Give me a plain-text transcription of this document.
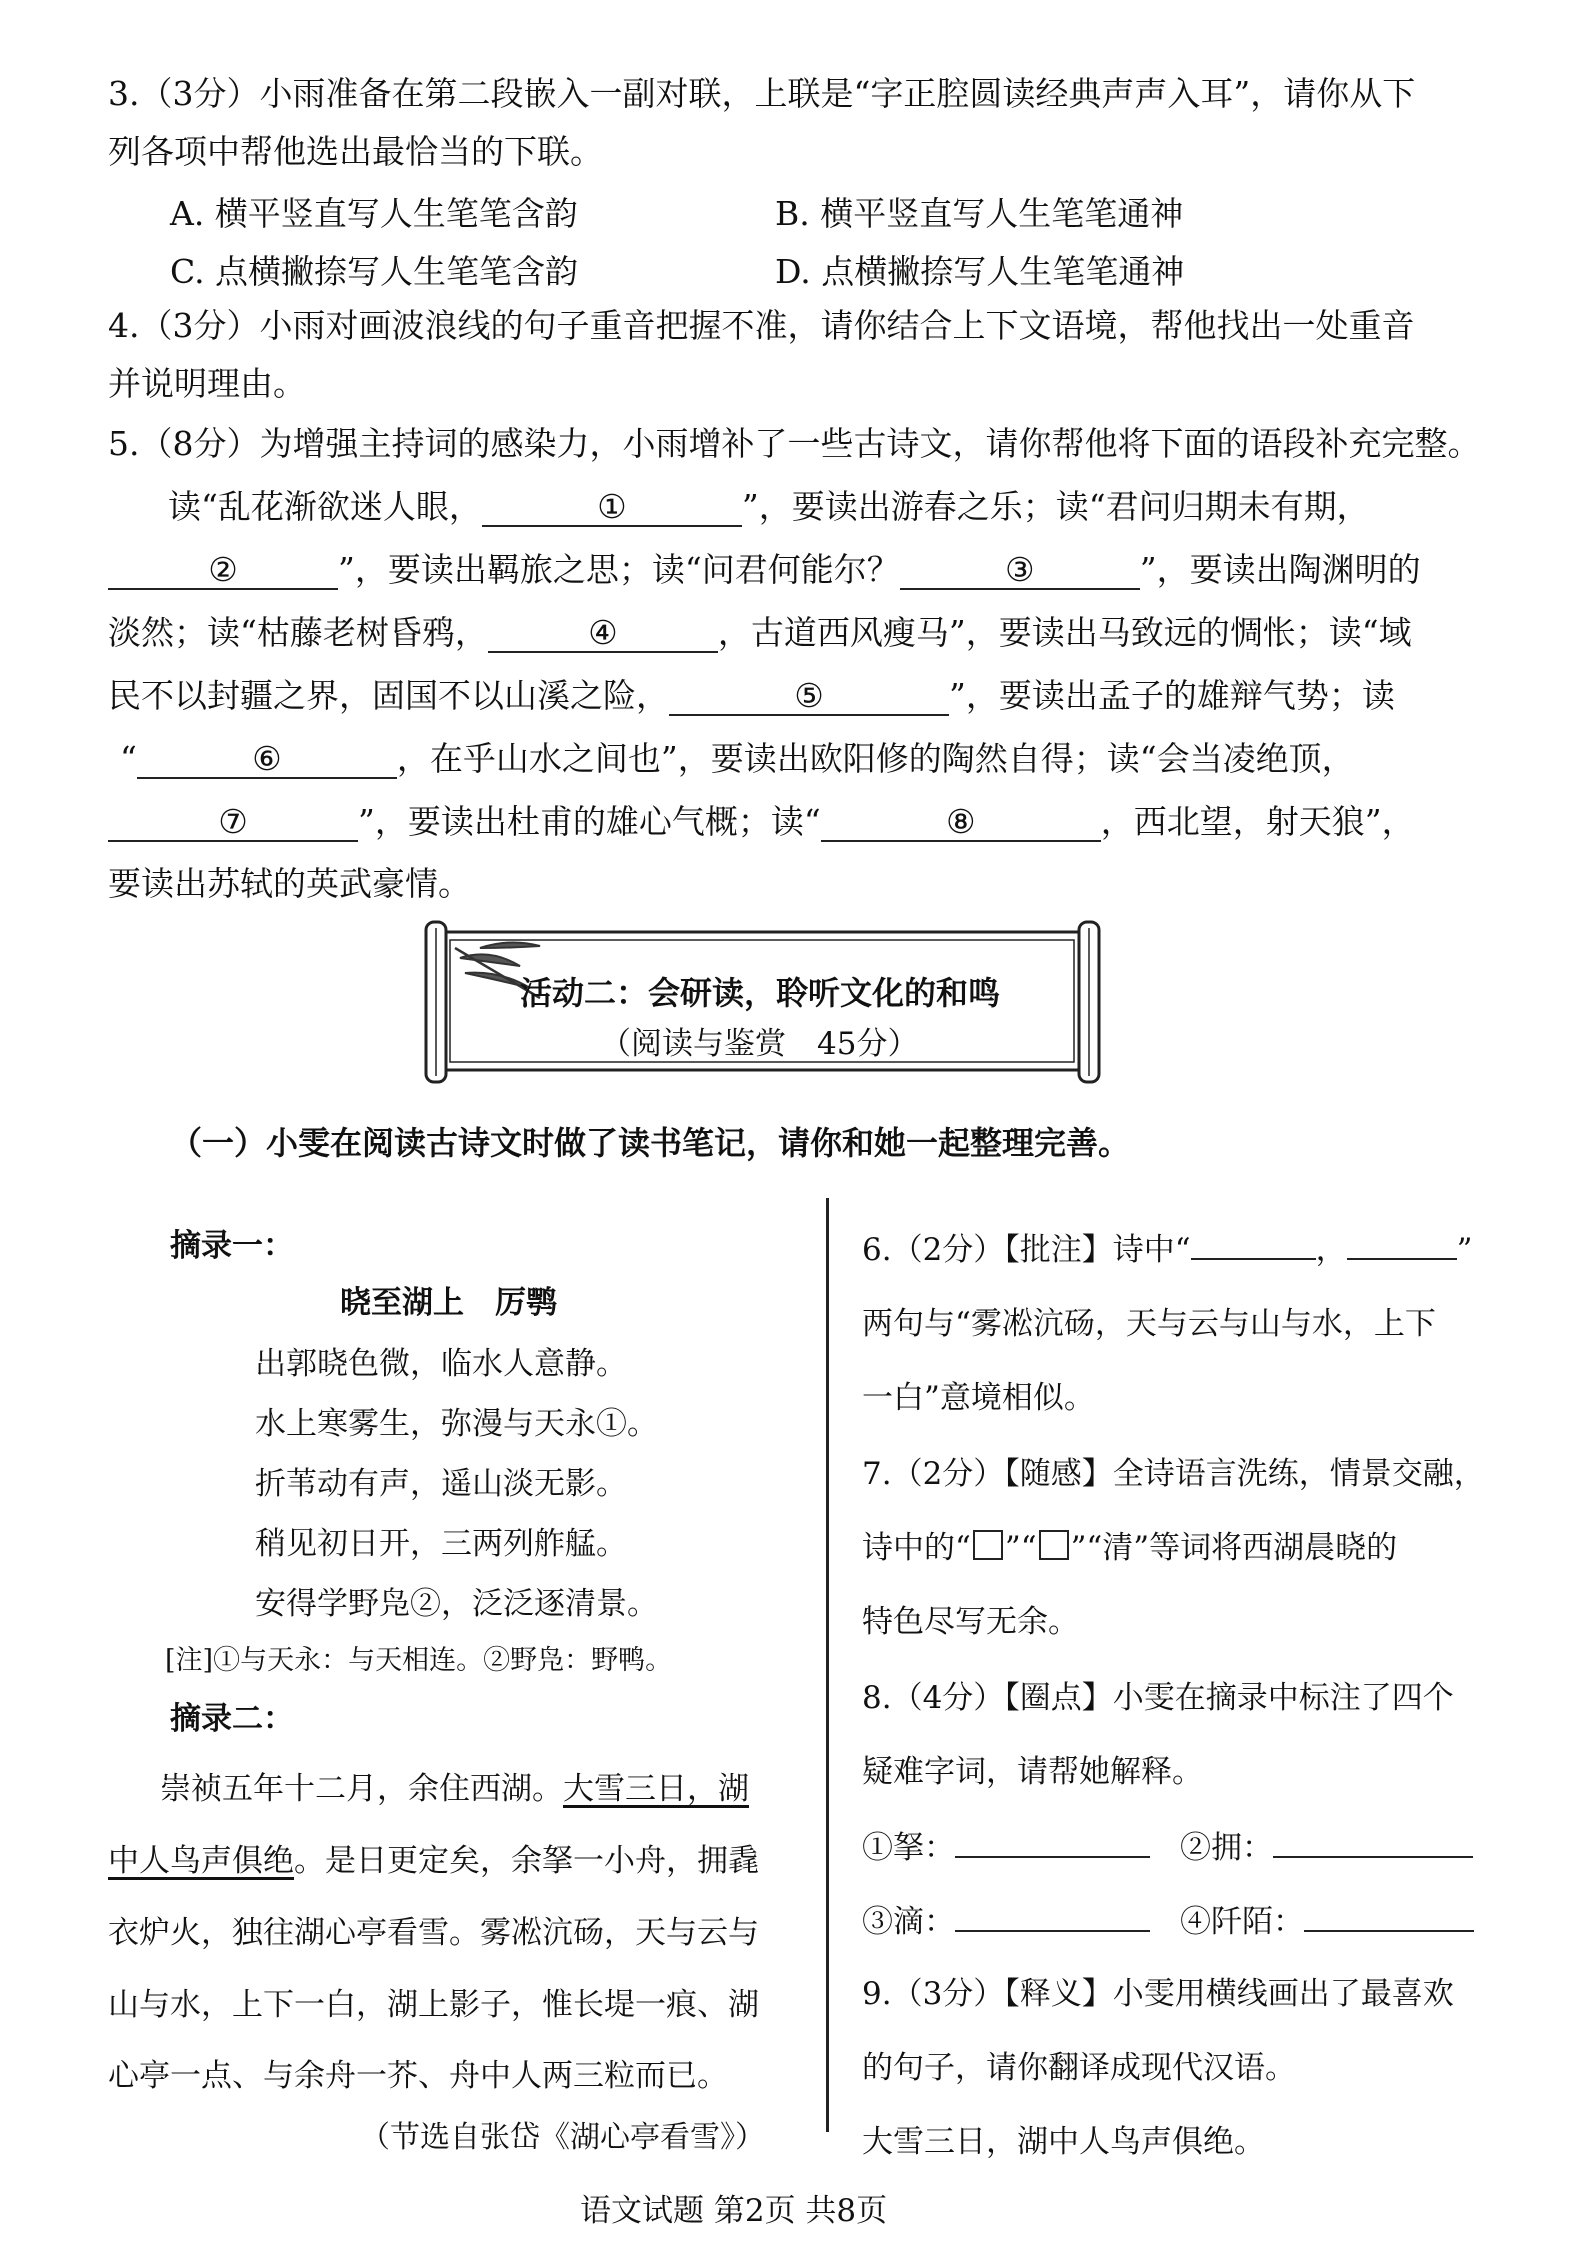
3.（3分）小雨准备在第二段嵌入一副对联，上联是“字正腔圆读经典声声入耳”，请你从下
列各项中帮他选出最恰当的下联。
A. 横平竖直写人生笔笔含韵	B. 横平竖直写人生笔笔通神
C. 点横撇捺写人生笔笔含韵	D. 点横撇捺写人生笔笔通神
4.（3分）小雨对画波浪线的句子重音把握不准，请你结合上下文语境，帮他找出一处重音
并说明理由。
5.（8分）为增强主持词的感染力，小雨增补了一些古诗文，请你帮他将下面的语段补充完整。
读“乱花渐欲迷人眼，	①	”，要读出游春之乐；读“君问归期未有期，
②	”，要读出羁旅之思；读“问君何能尔？	③	”，要读出陶渊明的
淡然；读“枯藤老树昏鸦，	④	，古道西风瘦马”，要读出马致远的惆怅；读“域
民不以封疆之界，固国不以山溪之险，	⑤	”，要读出孟子的雄辩气势；读
“	⑥	，在乎山水之间也”，要读出欧阳修的陶然自得；读“会当凌绝顶，
⑦	”，要读出杜甫的雄心气概；读“	⑧	，西北望，射天狼”，
要读出苏轼的英武豪情。
活动二：会研读，聆听文化的和鸣
（阅读与鉴赏　45分）
（一）小雯在阅读古诗文时做了读书笔记，请你和她一起整理完善。
摘录一：
晓至湖上　厉鹗
出郭晓色微，临水人意静。
水上寒雾生，弥漫与天永①。
折苇动有声，遥山淡无影。
稍见初日开，三两列舴艋。
安得学野凫②，泛泛逐清景。
[注]①与天永：与天相连。②野凫：野鸭。
摘录二：
崇祯五年十二月，余住西湖。大雪三日，湖
中人鸟声俱绝。是日更定矣，余拏一小舟，拥毳
衣炉火，独往湖心亭看雪。雾凇沆砀，天与云与
山与水，上下一白，湖上影子，惟长堤一痕、湖
心亭一点、与余舟一芥、舟中人两三粒而已。
（节选自张岱《湖心亭看雪》）
6.（2分）【批注】诗中“	，	”
两句与“雾凇沆砀，天与云与山与水，上下
一白”意境相似。
7.（2分）【随感】全诗语言洗练，情景交融，
诗中的“ ”“ ”“清”等词将西湖晨晓的
特色尽写无余。
8.（4分）【圈点】小雯在摘录中标注了四个
疑难字词，请帮她解释。
①拏：	②拥：
③滴：	④阡陌：
9.（3分）【释义】小雯用横线画出了最喜欢
的句子，请你翻译成现代汉语。
大雪三日，湖中人鸟声俱绝。
语文试题 第2页 共8页
